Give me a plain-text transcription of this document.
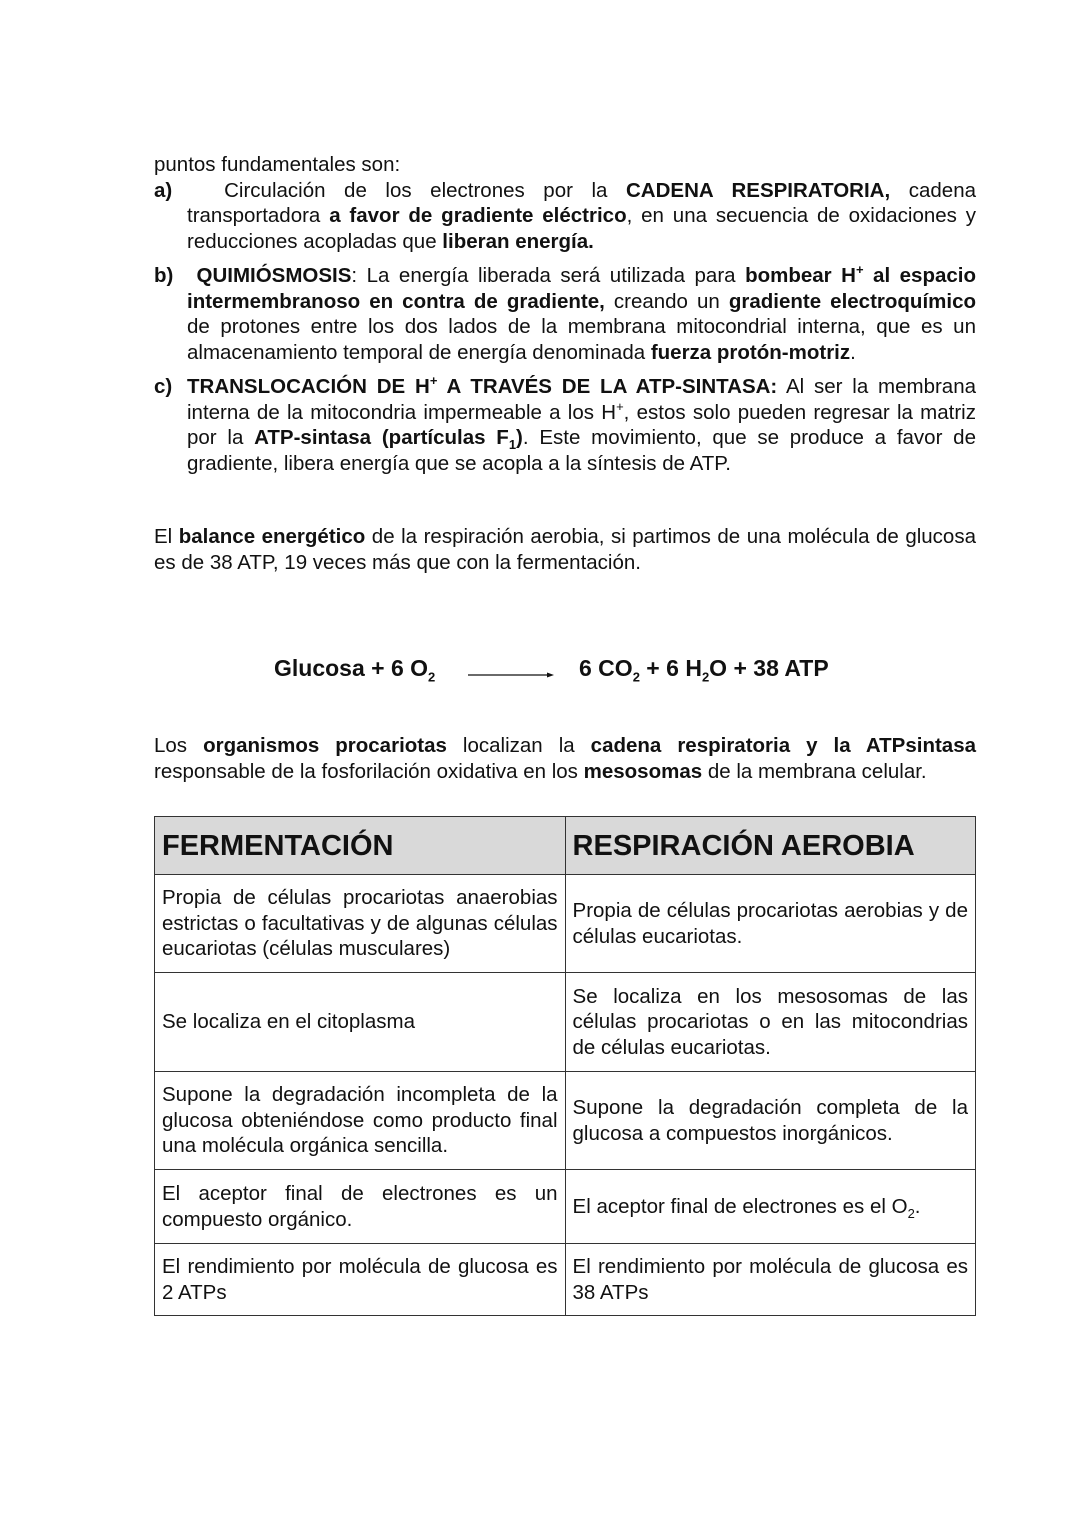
puntos fundamentales son:

a)	Circulación de los electrones por la CADENA RESPIRATORIA, cadena transportadora a favor de gradiente eléctrico, en una secuencia de oxidaciones y reducciones acopladas que liberan energía.
b) QUIMIÓSMOSIS: La energía liberada será utilizada para bombear H+ al espacio intermembranoso en contra de gradiente, creando un gradiente electroquímico de protones entre los dos lados de la membrana mitocondrial interna, que es un almacenamiento temporal de energía denominada fuerza protón-motriz.
c) TRANSLOCACIÓN DE H+ A TRAVÉS DE LA ATP-SINTASA: Al ser la membrana interna de la mitocondria impermeable a los H+, estos solo pueden regresar la matriz por la ATP-sintasa (partículas $F_1$). Este movimiento, que se produce a favor de gradiente, libera energía que se acopla a la síntesis de ATP.

El balance energético de la respiración aerobia, si partimos de una molécula de glucosa es de 38 ATP, 19 veces más que con la fermentación.

Glucosa + 6 $O_2 \to 6$ $CO_2 + 6$ $H_2O + 38$ ATP

Los organismos procariotas localizan la cadena respiratoria y la ATPsintasa responsable de la fosforilación oxidativa en los mesosomas de la membrana celular.

FERMENTACIÓN	RESPIRACIÓN AEROBIA
Propia de células procariotas anaerobias estrictas o facultativas y de algunas células eucariotas (células musculares)	Propia de células procariotas aerobias y de células eucariotas.
Se localiza en el citoplasma	Se localiza en los mesosomas de las células procariotas o en las mitocondrias de células eucariotas.
Supone la degradación incompleta de la glucosa obteniéndose como producto final una molécula orgánica sencilla.	Supone la degradación completa de la glucosa a compuestos inorgánicos.
El aceptor final de electrones es un compuesto orgánico.	El aceptor final de electrones es el $O_2$.
El rendimiento por molécula de glucosa es 2 ATPs	El rendimiento por molécula de glucosa es 38 ATPs
